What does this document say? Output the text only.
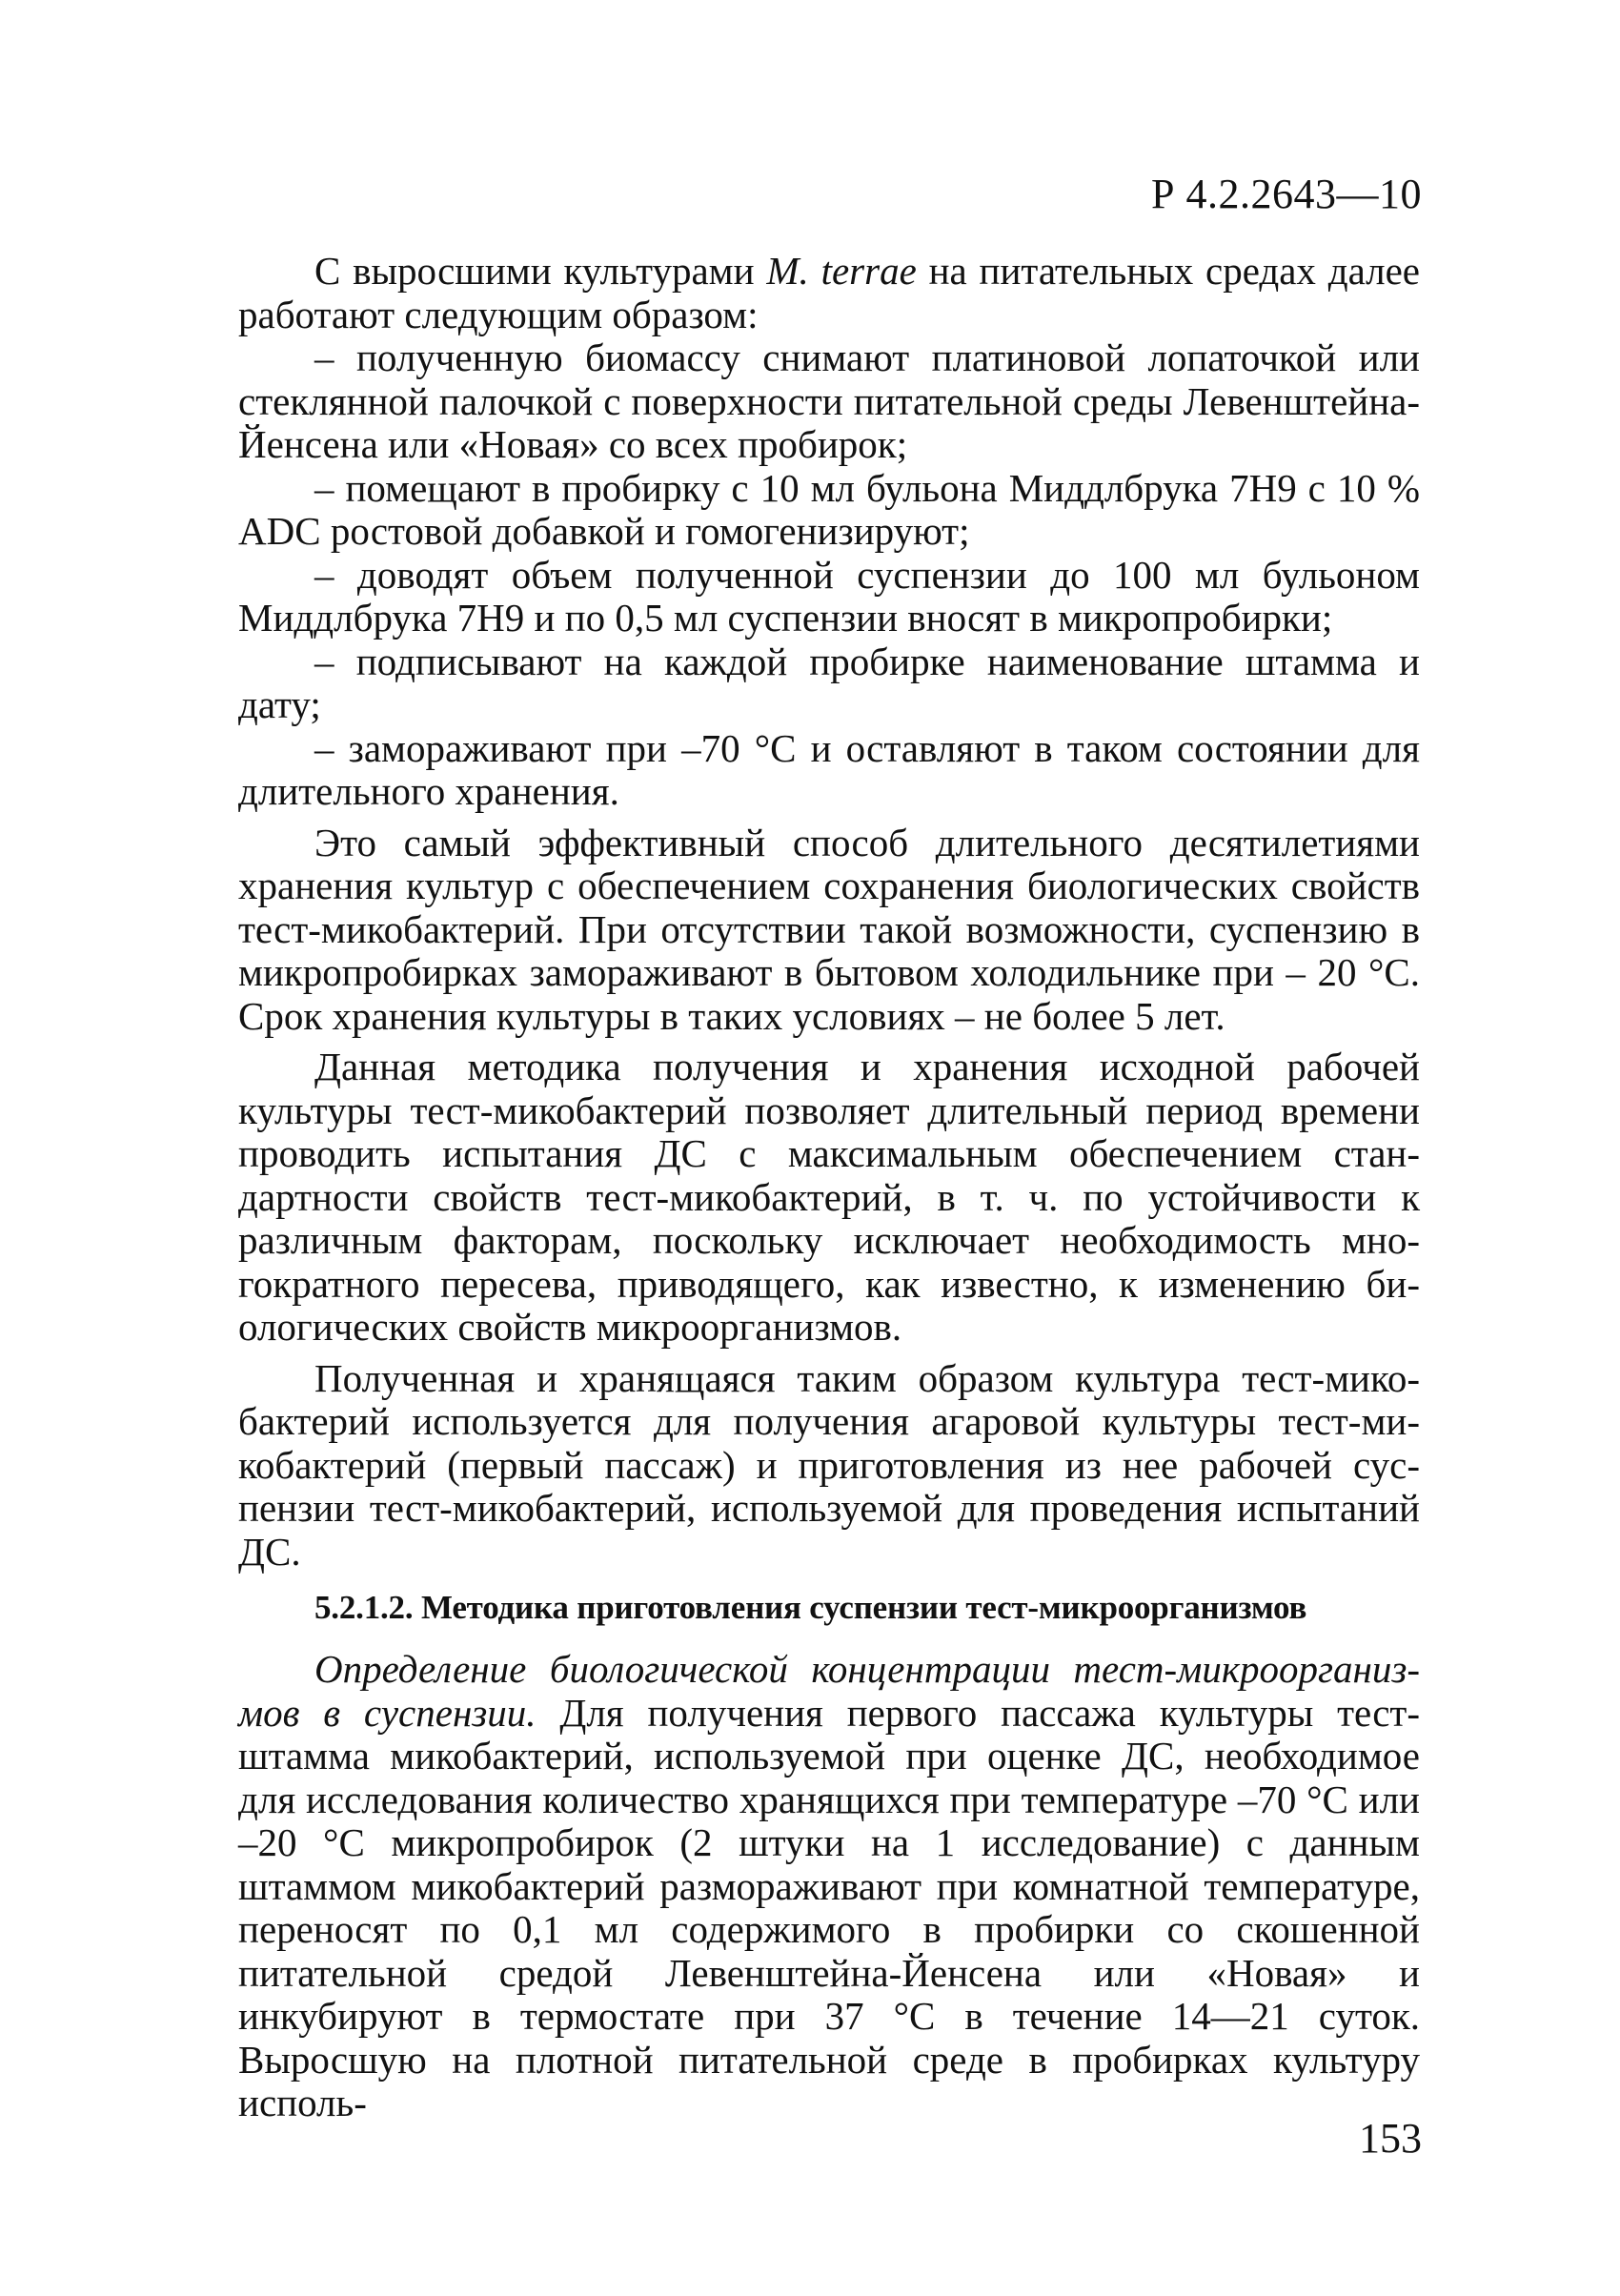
Р 4.2.2643—10

С выросшими культурами M. terrae на питательных средах далее работают следующим образом:

– полученную биомассу снимают платиновой лопаточкой или стеклянной палочкой с поверхности питательной среды Левенштейна-Йенсена или «Новая» со всех пробирок;

– помещают в пробирку с 10 мл бульона Миддлбрука 7H9 с 10 % ADC ростовой добавкой и гомогенизируют;

– доводят объем полученной суспензии до 100 мл бульоном Миддлбрука 7H9 и по 0,5 мл суспензии вносят в микропробирки;

– подписывают на каждой пробирке наименование штамма и дату;

– замораживают при –70 °С и оставляют в таком состоянии для длительного хранения.

Это самый эффективный способ длительного десятилетиями хранения культур с обеспечением сохранения биологических свойств тест-микобактерий. При отсутствии такой возможности, суспензию в микропробирках замораживают в бытовом холодильнике при – 20 °С. Срок хранения культуры в таких условиях – не более 5 лет.

Данная методика получения и хранения исходной рабочей культуры тест-микобактерий позволяет длительный период времени проводить испытания ДС с максимальным обеспечением стандартности свойств тест-микобактерий, в т. ч. по устойчивости к различным факторам, поскольку исключает необходимость многократного пересева, приводящего, как известно, к изменению биологических свойств микроорганизмов.

Полученная и хранящаяся таким образом культура тест-микобактерий используется для получения агаровой культуры тест-микобактерий (первый пассаж) и приготовления из нее рабочей суспензии тест-микобактерий, используемой для проведения испытаний ДС.

5.2.1.2. Методика приготовления суспензии тест-микроорганизмов

Определение биологической концентрации тест-микроорганизмов в суспензии. Для получения первого пассажа культуры тест-штамма микобактерий, используемой при оценке ДС, необходимое для исследования количество хранящихся при температуре –70 °С или –20 °С микропробирок (2 штуки на 1 исследование) с данным штаммом микобактерий размораживают при комнатной температуре, переносят по 0,1 мл содержимого в пробирки со скошенной питательной средой Левенштейна-Йенсена или «Новая» и инкубируют в термостате при 37 °С в течение 14—21 суток. Выросшую на плотной питательной среде в пробирках культуру исполь-

153
